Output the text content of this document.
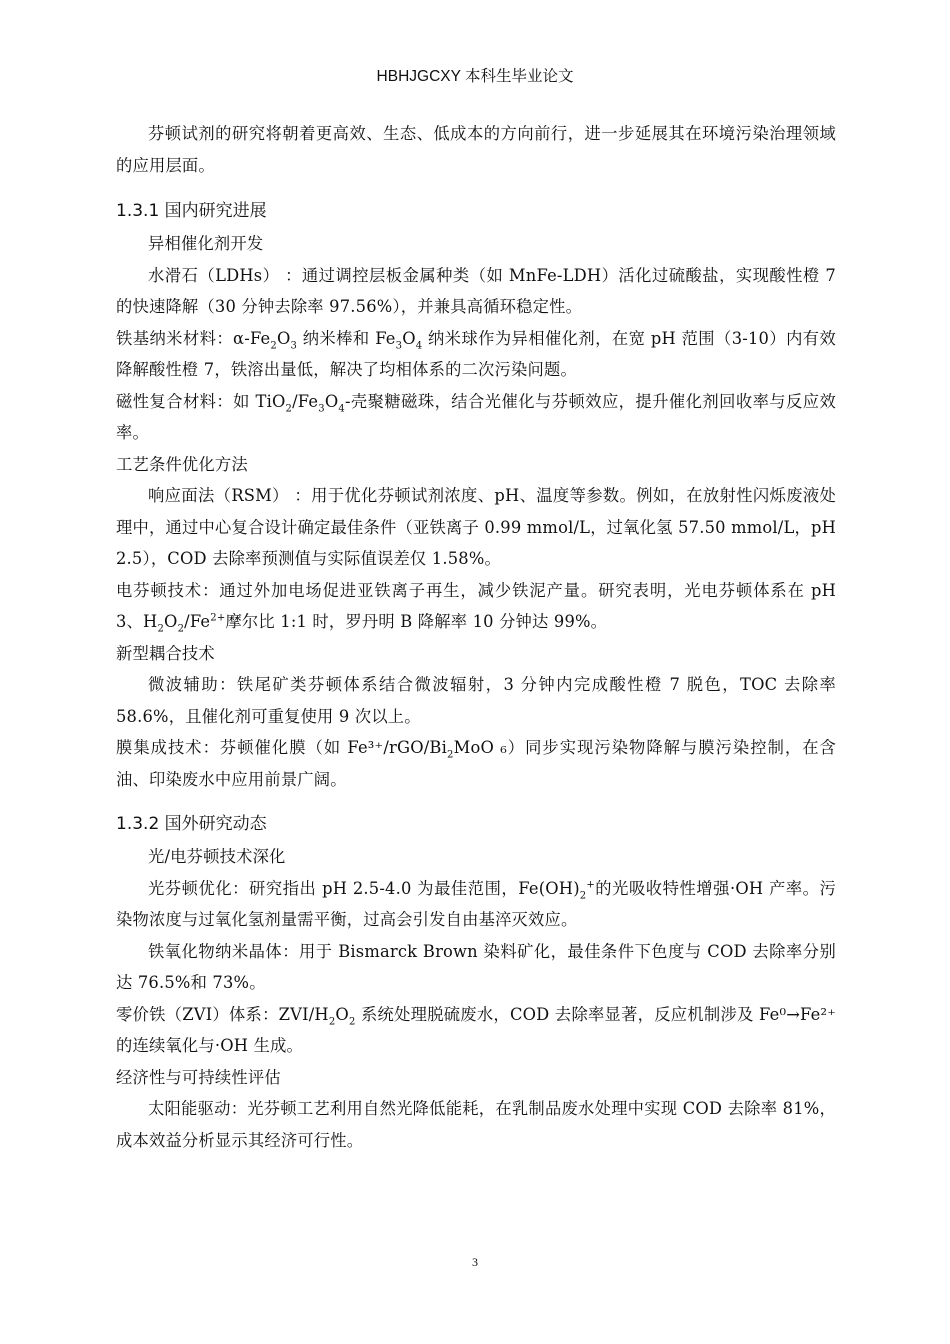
HBHJGCXY 本科生毕业论文

芬顿试剂的研究将朝着更高效、生态、低成本的方向前行，进一步延展其在环境污染治理领域的应用层面。

1.3.1 国内研究进展

异相催化剂开发

水滑石（LDHs） ：通过调控层板金属种类（如 MnFe-LDH）活化过硫酸盐，实现酸性橙 7 的快速降解（30 分钟去除率 97.56%），并兼具高循环稳定性。

铁基纳米材料：$\alpha-Fe_2O_3$ 纳米棒和 $Fe_3O_4$ 纳米球作为异相催化剂，在宽 pH 范围（3-10）内有效降解酸性橙 7，铁溶出量低，解决了均相体系的二次污染问题。

磁性复合材料：如 $TiO_2/Fe_3O_4-$壳聚糖磁珠，结合光催化与芬顿效应，提升催化剂回收率与反应效率。

工艺条件优化方法

响应面法（RSM） ：用于优化芬顿试剂浓度、pH、温度等参数。例如，在放射性闪烁废液处理中，通过中心复合设计确定最佳条件（亚铁离子 0.99 mmol/L，过氧化氢 57.50 mmol/L，pH 2.5），COD 去除率预测值与实际值误差仅 1.58%。

电芬顿技术：通过外加电场促进亚铁离子再生，减少铁泥产量。研究表明，光电芬顿体系在 pH 3、$H_2O_2/Fe^{2+}$摩尔比 1:1 时，罗丹明 B 降解率 10 分钟达 99%。

新型耦合技术

微波辅助：铁尾矿类芬顿体系结合微波辐射，3 分钟内完成酸性橙 7 脱色，TOC 去除率 58.6%，且催化剂可重复使用 9 次以上。

膜集成技术：芬顿催化膜（如 $Fe^{3+}/rGO/Bi_2MoO$ ₆）同步实现污染物降解与膜污染控制，在含油、印染废水中应用前景广阔。

1.3.2 国外研究动态

光/电芬顿技术深化

光芬顿优化：研究指出 pH 2.5-4.0 为最佳范围，$Fe(OH)_2^+$的光吸收特性增强·OH 产率。污染物浓度与过氧化氢剂量需平衡，过高会引发自由基淬灭效应。

铁氧化物纳米晶体：用于 Bismarck Brown 染料矿化，最佳条件下色度与 COD 去除率分别达 76.5%和 73%。

零价铁（ZVI）体系：ZVI/$H_2O_2$ 系统处理脱硫废水，COD 去除率显著，反应机制涉及 Fe⁰→Fe²⁺的连续氧化与·OH 生成。

经济性与可持续性评估

太阳能驱动：光芬顿工艺利用自然光降低能耗，在乳制品废水处理中实现 COD 去除率 81%，成本效益分析显示其经济可行性。

3
